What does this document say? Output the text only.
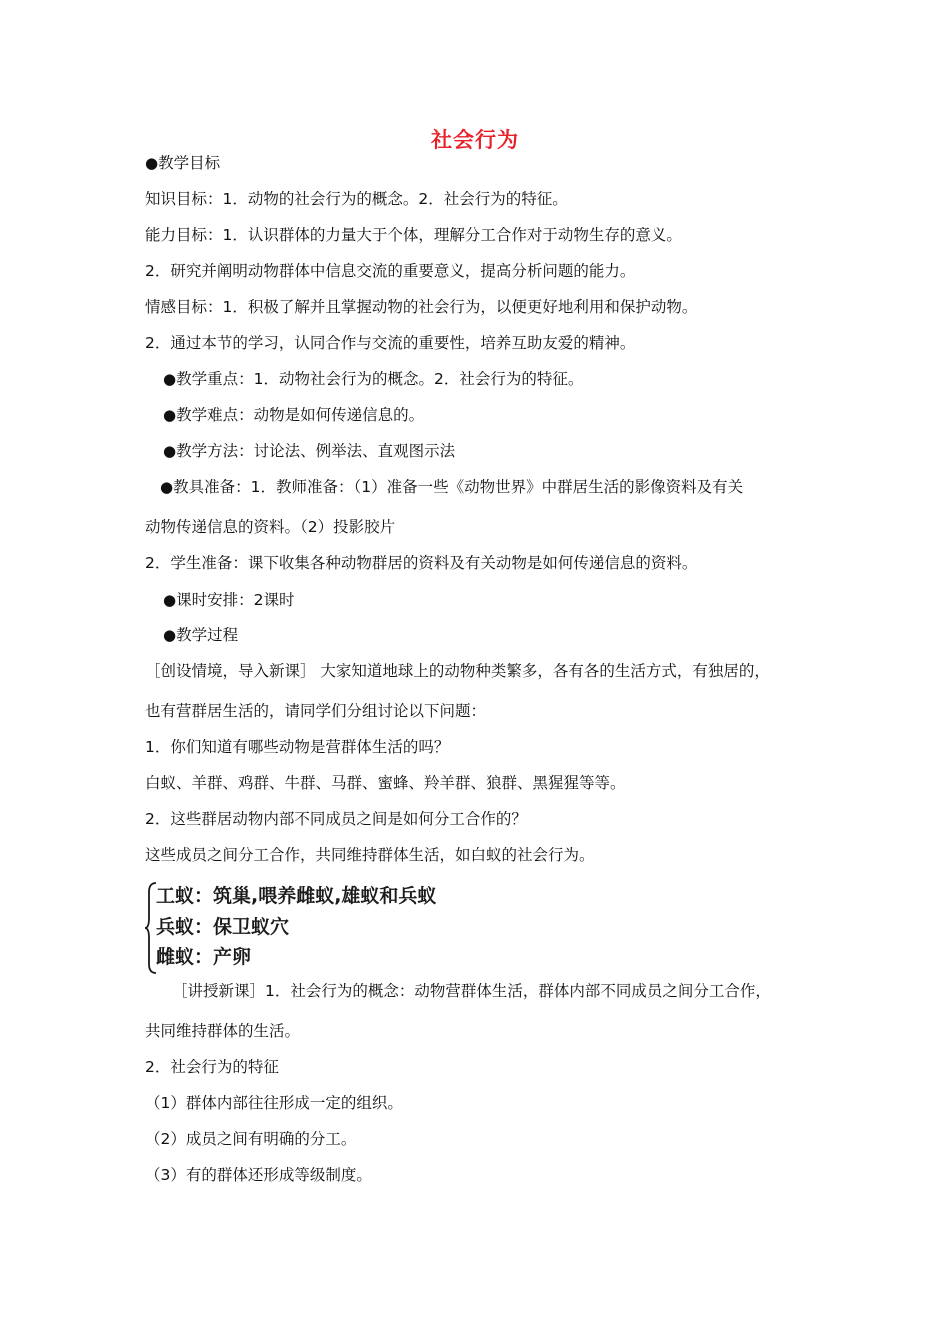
社会行为
● 教学目标
知识目标：1．动物的社会行为的概念。2．社会行为的特征。
能力目标：1．认识群体的力量大于个体，理解分工合作对于动物生存的意义。
2．研究并阐明动物群体中信息交流的重要意义，提高分析问题的能力。
情感目标：1．积极了解并且掌握动物的社会行为，以便更好地利用和保护动物。
2．通过本节的学习，认同合作与交流的重要性，培养互助友爱的精神。
● 教学重点：1．动物社会行为的概念。2．社会行为的特征。
● 教学难点：动物是如何传递信息的。
● 教学方法：讨论法、例举法、直观图示法
● 教具准备：1．教师准备：（1）准备一些《动物世界》中群居生活的影像资料及有关
动物传递信息的资料。（2）投影胶片
2．学生准备：课下收集各种动物群居的资料及有关动物是如何传递信息的资料。
● 课时安排：2课时
● 教学过程
［创设情境，导入新课］ 大家知道地球上的动物种类繁多，各有各的生活方式，有独居的，
也有营群居生活的，请同学们分组讨论以下问题：
1．你们知道有哪些动物是营群体生活的吗？
白蚁、羊群、鸡群、牛群、马群、蜜蜂、羚羊群、狼群、黑猩猩等等。
2．这些群居动物内部不同成员之间是如何分工合作的？
这些成员之间分工合作，共同维持群体生活，如白蚁的社会行为。
工蚁：筑巢,喂养雌蚁,雄蚁和兵蚁
兵蚁：保卫蚁穴
雌蚁：产卵
［讲授新课］1．社会行为的概念：动物营群体生活，群体内部不同成员之间分工合作，
共同维持群体的生活。
2．社会行为的特征
（1）群体内部往往形成一定的组织。
（2）成员之间有明确的分工。
（3）有的群体还形成等级制度。
